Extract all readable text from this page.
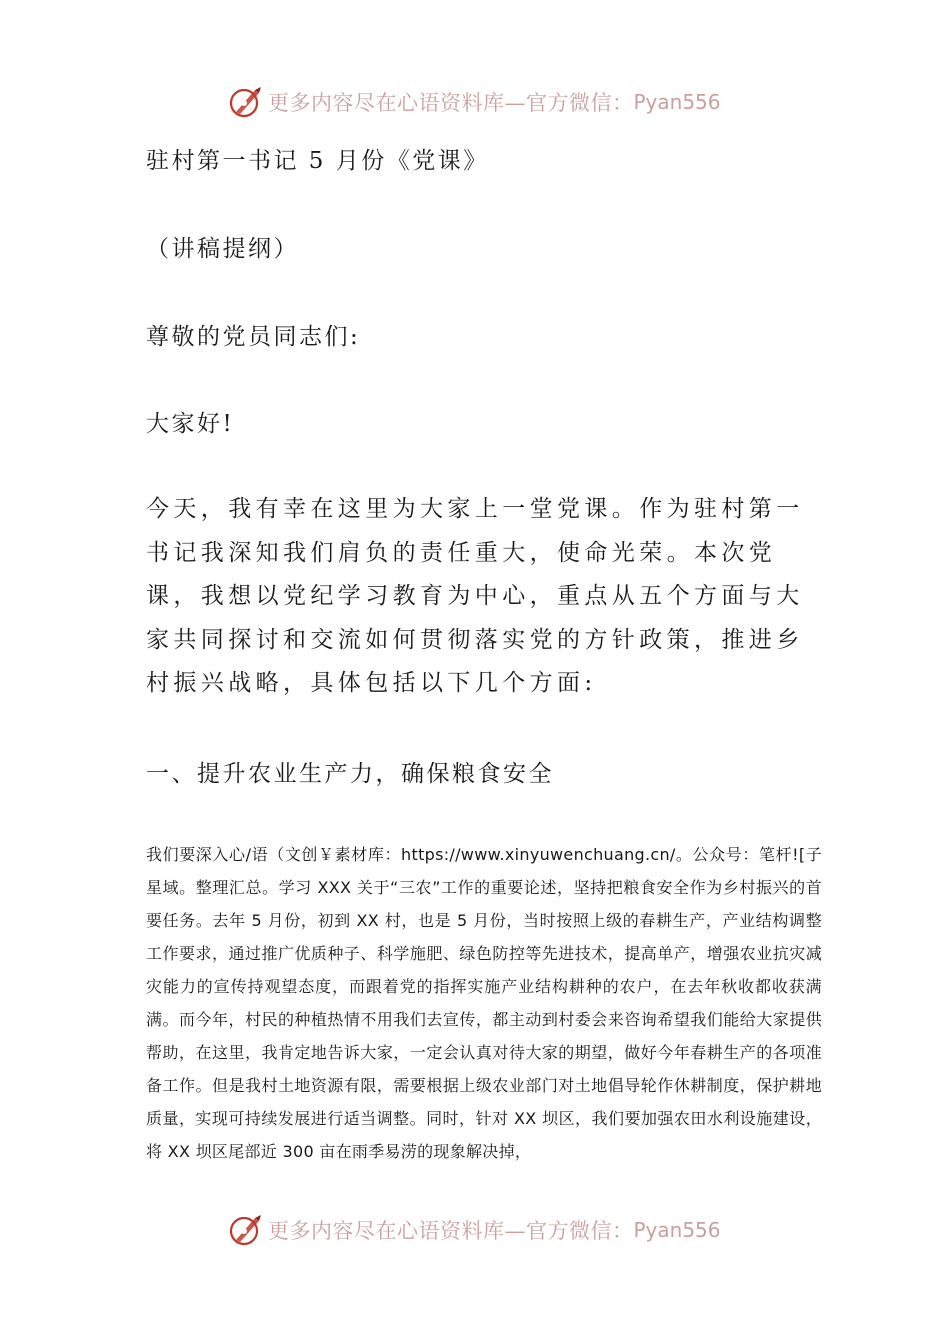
更多内容尽在心语资料库—官方微信： Pyan556
驻村第一书记 5 月份《党课》
（讲稿提纲）
尊敬的党员同志们:
大家好!

今天，我有幸在这里为大家上一堂党课。作为驻村第一书记我深知我们肩负的责任重大，使命光荣。本次党课，我想以党纪学习教育为中心，重点从五个方面与大家共同探讨和交流如何贯彻落实党的方针政策，推进乡村振兴战略，具体包括以下几个方面:

一、提升农业生产力，确保粮食安全

我们要深入心/语（文创￥素材库：https://www.xinyuwenchuang.cn/。公众号：笔杆![子星域。整理汇总。学习 XXX 关于“三农”工作的重要论述，坚持把粮食安全作为乡村振兴的首要任务。去年 5 月份，初到 XX 村，也是 5 月份，当时按照上级的春耕生产，产业结构调整工作要求，通过推广优质种子、科学施肥、绿色防控等先进技术，提高单产，增强农业抗灾减灾能力的宣传持观望态度，而跟着党的指挥实施产业结构耕种的农户，在去年秋收都收获满满。而今年，村民的种植热情不用我们去宣传，都主动到村委会来咨询希望我们能给大家提供帮助，在这里，我肯定地告诉大家，一定会认真对待大家的期望，做好今年春耕生产的各项准备工作。但是我村土地资源有限，需要根据上级农业部门对土地倡导轮作休耕制度，保护耕地质量，实现可持续发展进行适当调整。同时，针对 XX 坝区，我们要加强农田水利设施建设，将 XX 坝区尾部近 300 亩在雨季易涝的现象解决掉，

更多内容尽在心语资料库—官方微信： Pyan556
